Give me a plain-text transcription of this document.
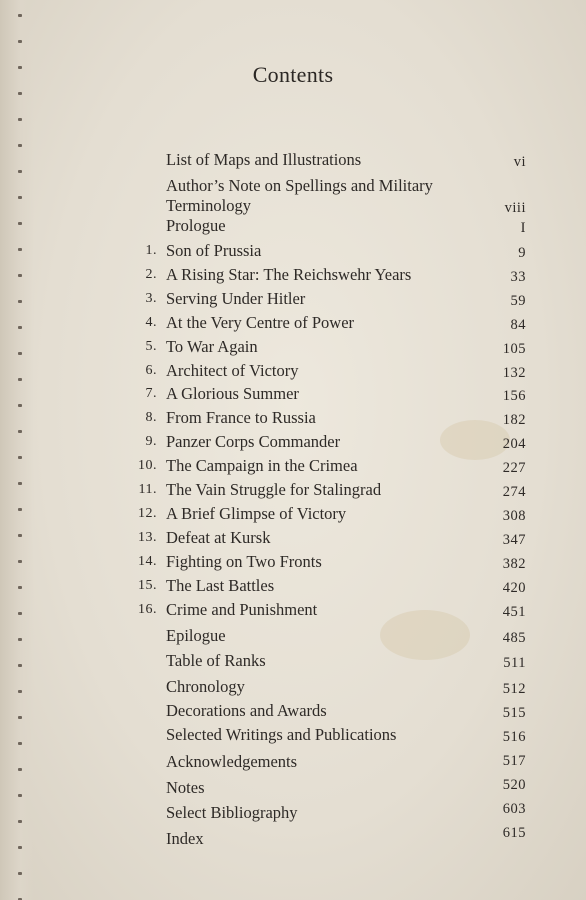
Contents
List of Maps and Illustrations	vi
Author’s Note on Spellings and Military
Terminology	viii
Prologue	I
1. Son of Prussia	9
2. A Rising Star: The Reichswehr Years	33
3. Serving Under Hitler	59
4. At the Very Centre of Power	84
5. To War Again	105
6. Architect of Victory	132
7. A Glorious Summer	156
8. From France to Russia	182
9. Panzer Corps Commander	204
10. The Campaign in the Crimea	227
11. The Vain Struggle for Stalingrad	274
12. A Brief Glimpse of Victory	308
13. Defeat at Kursk	347
14. Fighting on Two Fronts	382
15. The Last Battles	420
16. Crime and Punishment	451
Epilogue	485
Table of Ranks	511
Chronology	512
Decorations and Awards	515
Selected Writings and Publications	516
Acknowledgements	517
Notes	520
Select Bibliography	603
Index	615
